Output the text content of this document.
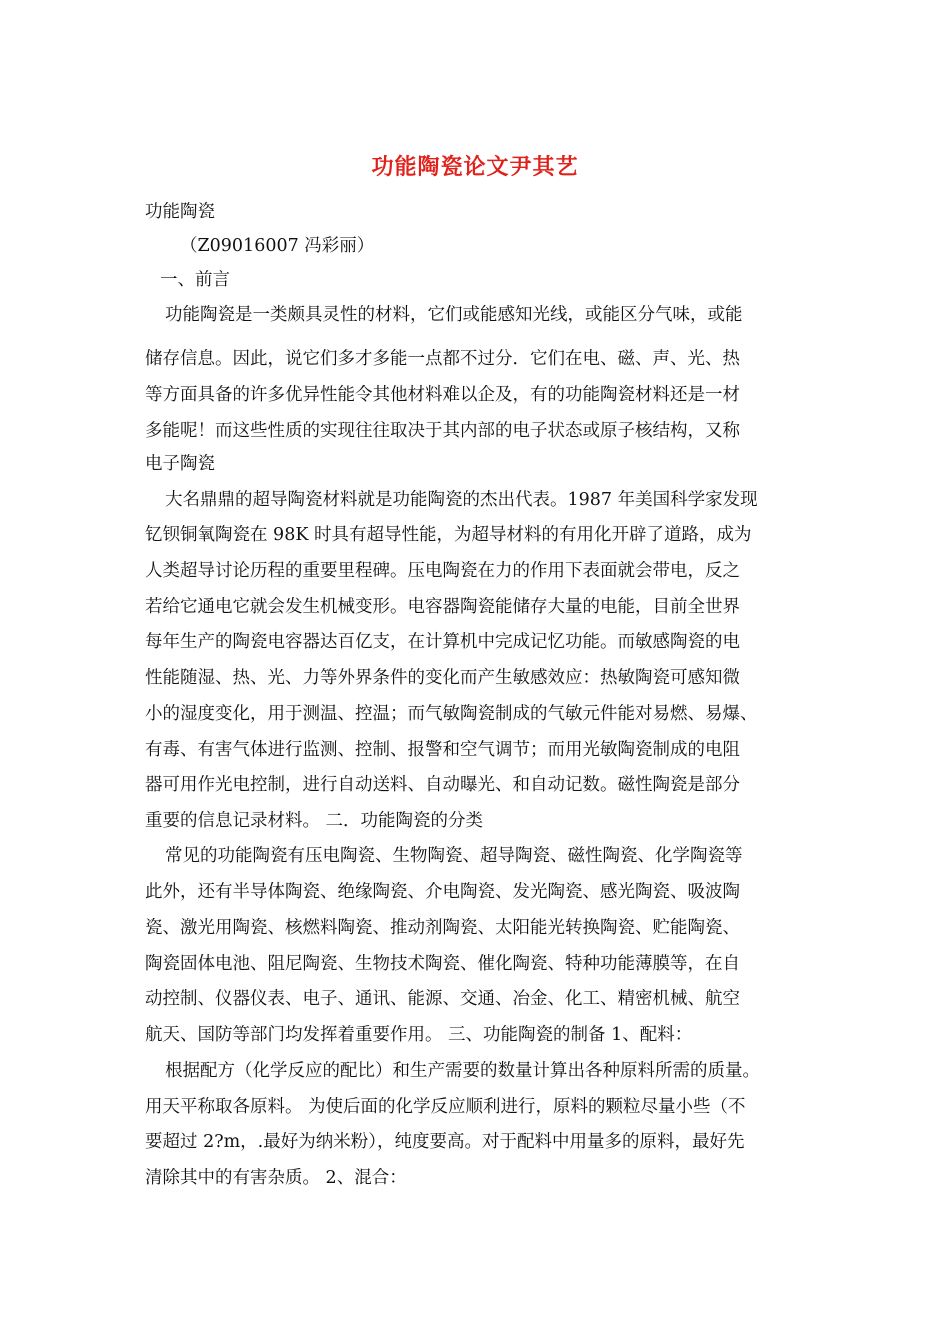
功能陶瓷论文尹其艺
功能陶瓷
（Z09016007 冯彩丽）
一、前言
功能陶瓷是一类颇具灵性的材料，它们或能感知光线，或能区分气味，或能
储存信息。因此，说它们多才多能一点都不过分．它们在电、磁、声、光、热
等方面具备的许多优异性能令其他材料难以企及，有的功能陶瓷材料还是一材
多能呢！而这些性质的实现往往取决于其内部的电子状态或原子核结构，又称
电子陶瓷
大名鼎鼎的超导陶瓷材料就是功能陶瓷的杰出代表。1987 年美国科学家发现
钇钡铜氧陶瓷在 98K 时具有超导性能，为超导材料的有用化开辟了道路，成为
人类超导讨论历程的重要里程碑。压电陶瓷在力的作用下表面就会带电，反之
若给它通电它就会发生机械变形。电容器陶瓷能储存大量的电能，目前全世界
每年生产的陶瓷电容器达百亿支，在计算机中完成记忆功能。而敏感陶瓷的电
性能随湿、热、光、力等外界条件的变化而产生敏感效应：热敏陶瓷可感知微
小的湿度变化，用于测温、控温；而气敏陶瓷制成的气敏元件能对易燃、易爆、
有毒、有害气体进行监测、控制、报警和空气调节；而用光敏陶瓷制成的电阻
器可用作光电控制，进行自动送料、自动曝光、和自动记数。磁性陶瓷是部分
重要的信息记录材料。 二．功能陶瓷的分类
常见的功能陶瓷有压电陶瓷、生物陶瓷、超导陶瓷、磁性陶瓷、化学陶瓷等
此外，还有半导体陶瓷、绝缘陶瓷、介电陶瓷、发光陶瓷、感光陶瓷、吸波陶
瓷、激光用陶瓷、核燃料陶瓷、推动剂陶瓷、太阳能光转换陶瓷、贮能陶瓷、
陶瓷固体电池、阻尼陶瓷、生物技术陶瓷、催化陶瓷、特种功能薄膜等，在自
动控制、仪器仪表、电子、通讯、能源、交通、冶金、化工、精密机械、航空
航天、国防等部门均发挥着重要作用。 三、功能陶瓷的制备 1、配料：
根据配方（化学反应的配比）和生产需要的数量计算出各种原料所需的质量。
用天平称取各原料。 为使后面的化学反应顺利进行，原料的颗粒尽量小些（不
要超过 2?m，.最好为纳米粉），纯度要高。对于配料中用量多的原料，最好先
清除其中的有害杂质。 2、混合：
